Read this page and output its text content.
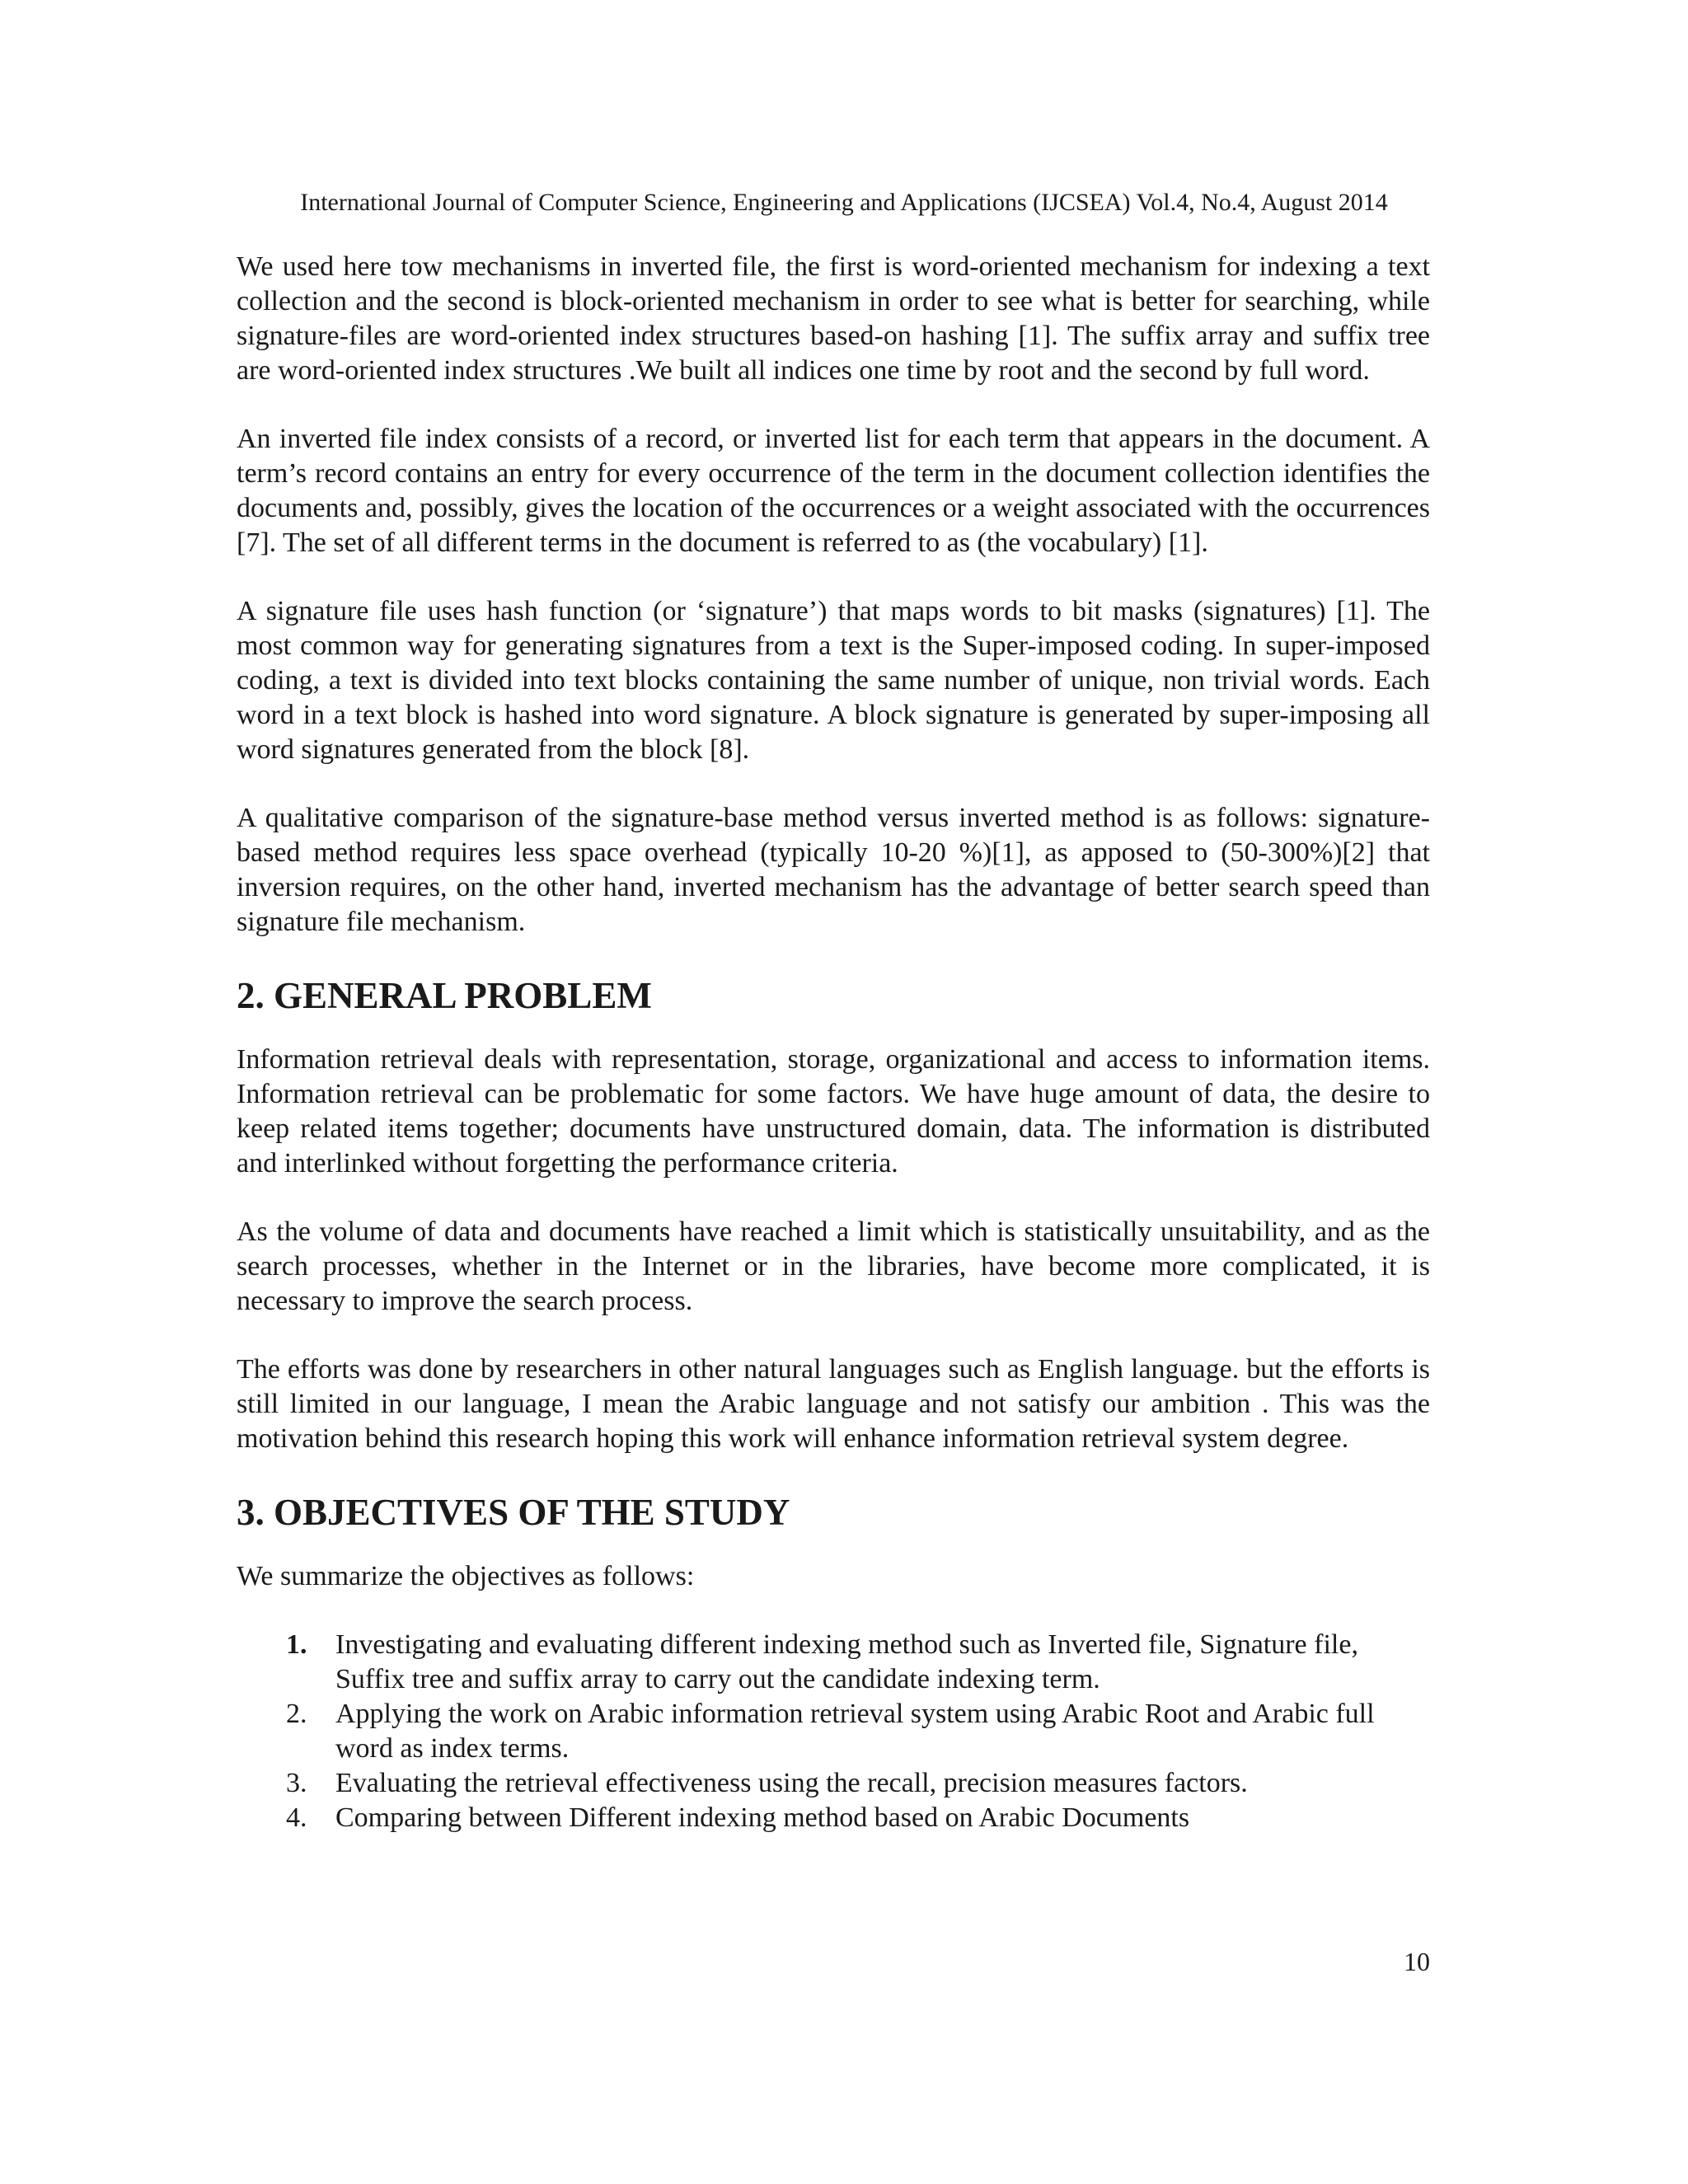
International Journal of Computer Science, Engineering and Applications (IJCSEA) Vol.4, No.4, August 2014

We used here tow mechanisms in inverted file, the first is word-oriented mechanism for indexing a text collection and the second is block-oriented mechanism in order to see what is better for searching, while signature-files are word-oriented index structures based-on hashing [1]. The suffix array and suffix tree are word-oriented index structures .We built all indices one time by root and the second by full word.

An inverted file index consists of a record, or inverted list for each term that appears in the document. A term’s record contains an entry for every occurrence of the term in the document collection identifies the documents and, possibly, gives the location of the occurrences or a weight associated with the occurrences [7]. The set of all different terms in the document is referred to as (the vocabulary) [1].

A signature file uses hash function (or ‘signature’) that maps words to bit masks (signatures) [1]. The most common way for generating signatures from a text is the Super-imposed coding. In super-imposed coding, a text is divided into text blocks containing the same number of unique, non trivial words. Each word in a text block is hashed into word signature. A block signature is generated by super-imposing all word signatures generated from the block [8].

A qualitative comparison of the signature-base method versus inverted method is as follows: signature-based method requires less space overhead (typically 10-20 %)[1], as apposed to (50-300%)[2] that inversion requires, on the other hand, inverted mechanism has the advantage of better search speed than signature file mechanism.

2. GENERAL PROBLEM

Information retrieval deals with representation, storage, organizational and access to information items. Information retrieval can be problematic for some factors. We have huge amount of data, the desire to keep related items together; documents have unstructured domain, data. The information is distributed and interlinked without forgetting the performance criteria.

As the volume of data and documents have reached a limit which is statistically unsuitability, and as the search processes, whether in the Internet or in the libraries, have become more complicated, it is necessary to improve the search process.

The efforts was done by researchers in other natural languages such as English language. but the efforts is still limited in our language, I mean the Arabic language and not satisfy our ambition . This was the motivation behind this research hoping this work will enhance information retrieval system degree.

3. OBJECTIVES OF THE STUDY

We summarize the objectives as follows:

1.	Investigating and evaluating different indexing method such as Inverted file, Signature file, Suffix tree and suffix array to carry out the candidate indexing term.
2.	Applying the work on Arabic information retrieval system using Arabic Root and Arabic full word as index terms.
3.	Evaluating the retrieval effectiveness using the recall, precision measures factors.
4.	Comparing between Different indexing method based on Arabic Documents
10
